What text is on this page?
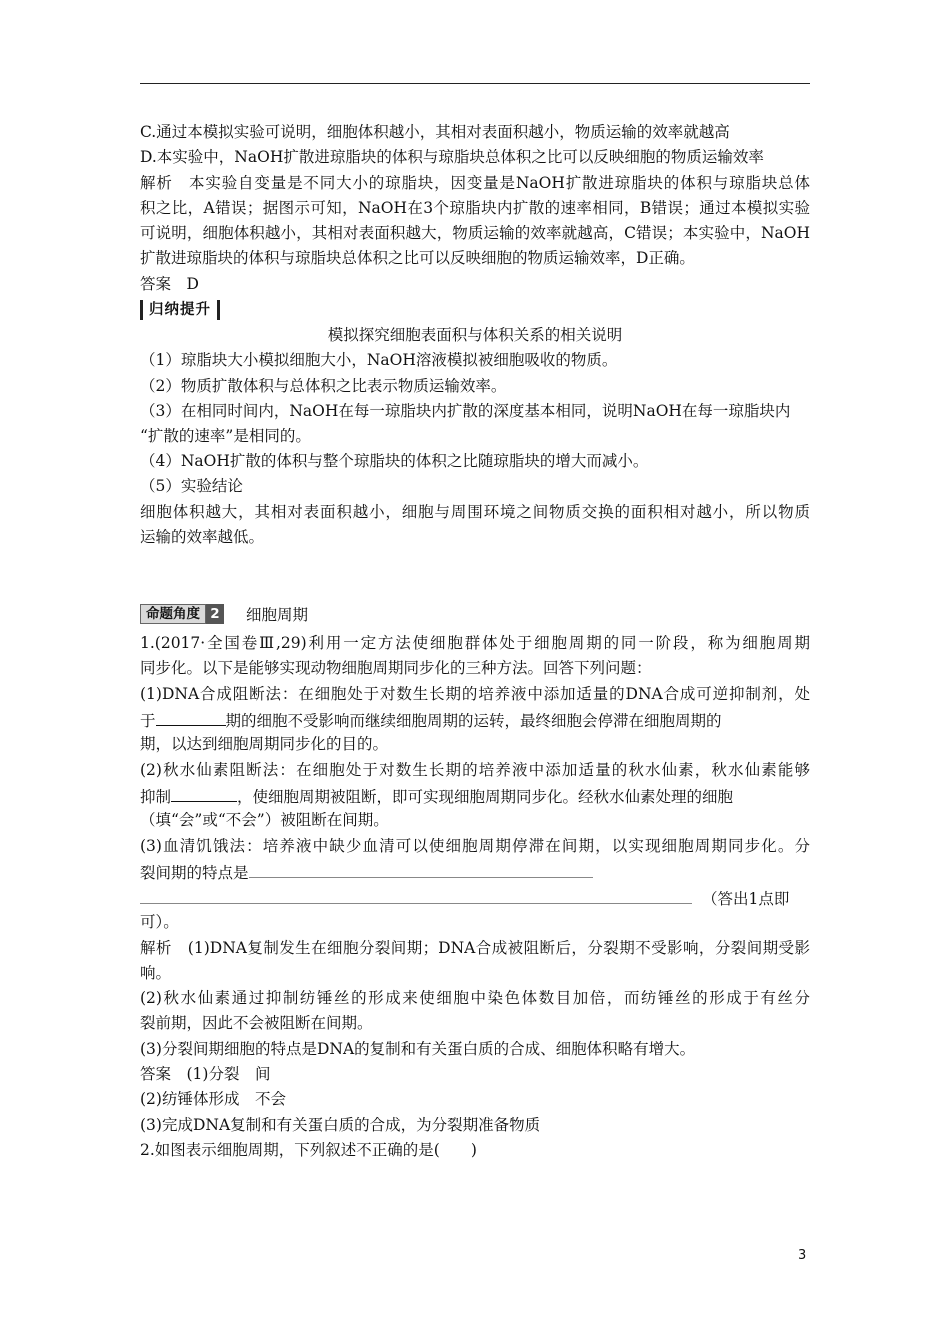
C.通过本模拟实验可说明，细胞体积越小，其相对表面积越小，物质运输的效率就越高
D.本实验中，NaOH扩散进琼脂块的体积与琼脂块总体积之比可以反映细胞的物质运输效率
解析　本实验自变量是不同大小的琼脂块，因变量是NaOH扩散进琼脂块的体积与琼脂块总体
积之比，A错误；据图示可知，NaOH在3个琼脂块内扩散的速率相同，B错误；通过本模拟实验
可说明，细胞体积越小，其相对表面积越大，物质运输的效率就越高，C错误；本实验中，NaOH
扩散进琼脂块的体积与琼脂块总体积之比可以反映细胞的物质运输效率，D正确。
答案　D
归纳提升
模拟探究细胞表面积与体积关系的相关说明
（1）琼脂块大小模拟细胞大小，NaOH溶液模拟被细胞吸收的物质。
（2）物质扩散体积与总体积之比表示物质运输效率。
（3）在相同时间内，NaOH在每一琼脂块内扩散的深度基本相同，说明NaOH在每一琼脂块内
“扩散的速率”是相同的。
（4）NaOH扩散的体积与整个琼脂块的体积之比随琼脂块的增大而减小。
（5）实验结论
细胞体积越大，其相对表面积越小，细胞与周围环境之间物质交换的面积相对越小，所以物质
运输的效率越低。
命题角度 2 细胞周期
1.(2017·全国卷Ⅲ,29)利用一定方法使细胞群体处于细胞周期的同一阶段，称为细胞周期
同步化。以下是能够实现动物细胞周期同步化的三种方法。回答下列问题：
(1)DNA合成阻断法：在细胞处于对数生长期的培养液中添加适量的DNA合成可逆抑制剂，处
于	期的细胞不受影响而继续细胞周期的运转，最终细胞会停滞在细胞周期的
期，以达到细胞周期同步化的目的。
(2)秋水仙素阻断法：在细胞处于对数生长期的培养液中添加适量的秋水仙素，秋水仙素能够
抑制	，使细胞周期被阻断，即可实现细胞周期同步化。经秋水仙素处理的细胞
（填“会”或“不会”）被阻断在间期。
(3)血清饥饿法：培养液中缺少血清可以使细胞周期停滞在间期，以实现细胞周期同步化。分
裂间期的特点是
（答出1点即
可）。
解析　(1)DNA复制发生在细胞分裂间期；DNA合成被阻断后，分裂期不受影响，分裂间期受影
响。
(2)秋水仙素通过抑制纺锤丝的形成来使细胞中染色体数目加倍，而纺锤丝的形成于有丝分
裂前期，因此不会被阻断在间期。
(3)分裂间期细胞的特点是DNA的复制和有关蛋白质的合成、细胞体积略有增大。
答案　(1)分裂　间
(2)纺锤体形成　不会
(3)完成DNA复制和有关蛋白质的合成，为分裂期准备物质
2.如图表示细胞周期，下列叙述不正确的是(　　)
3
